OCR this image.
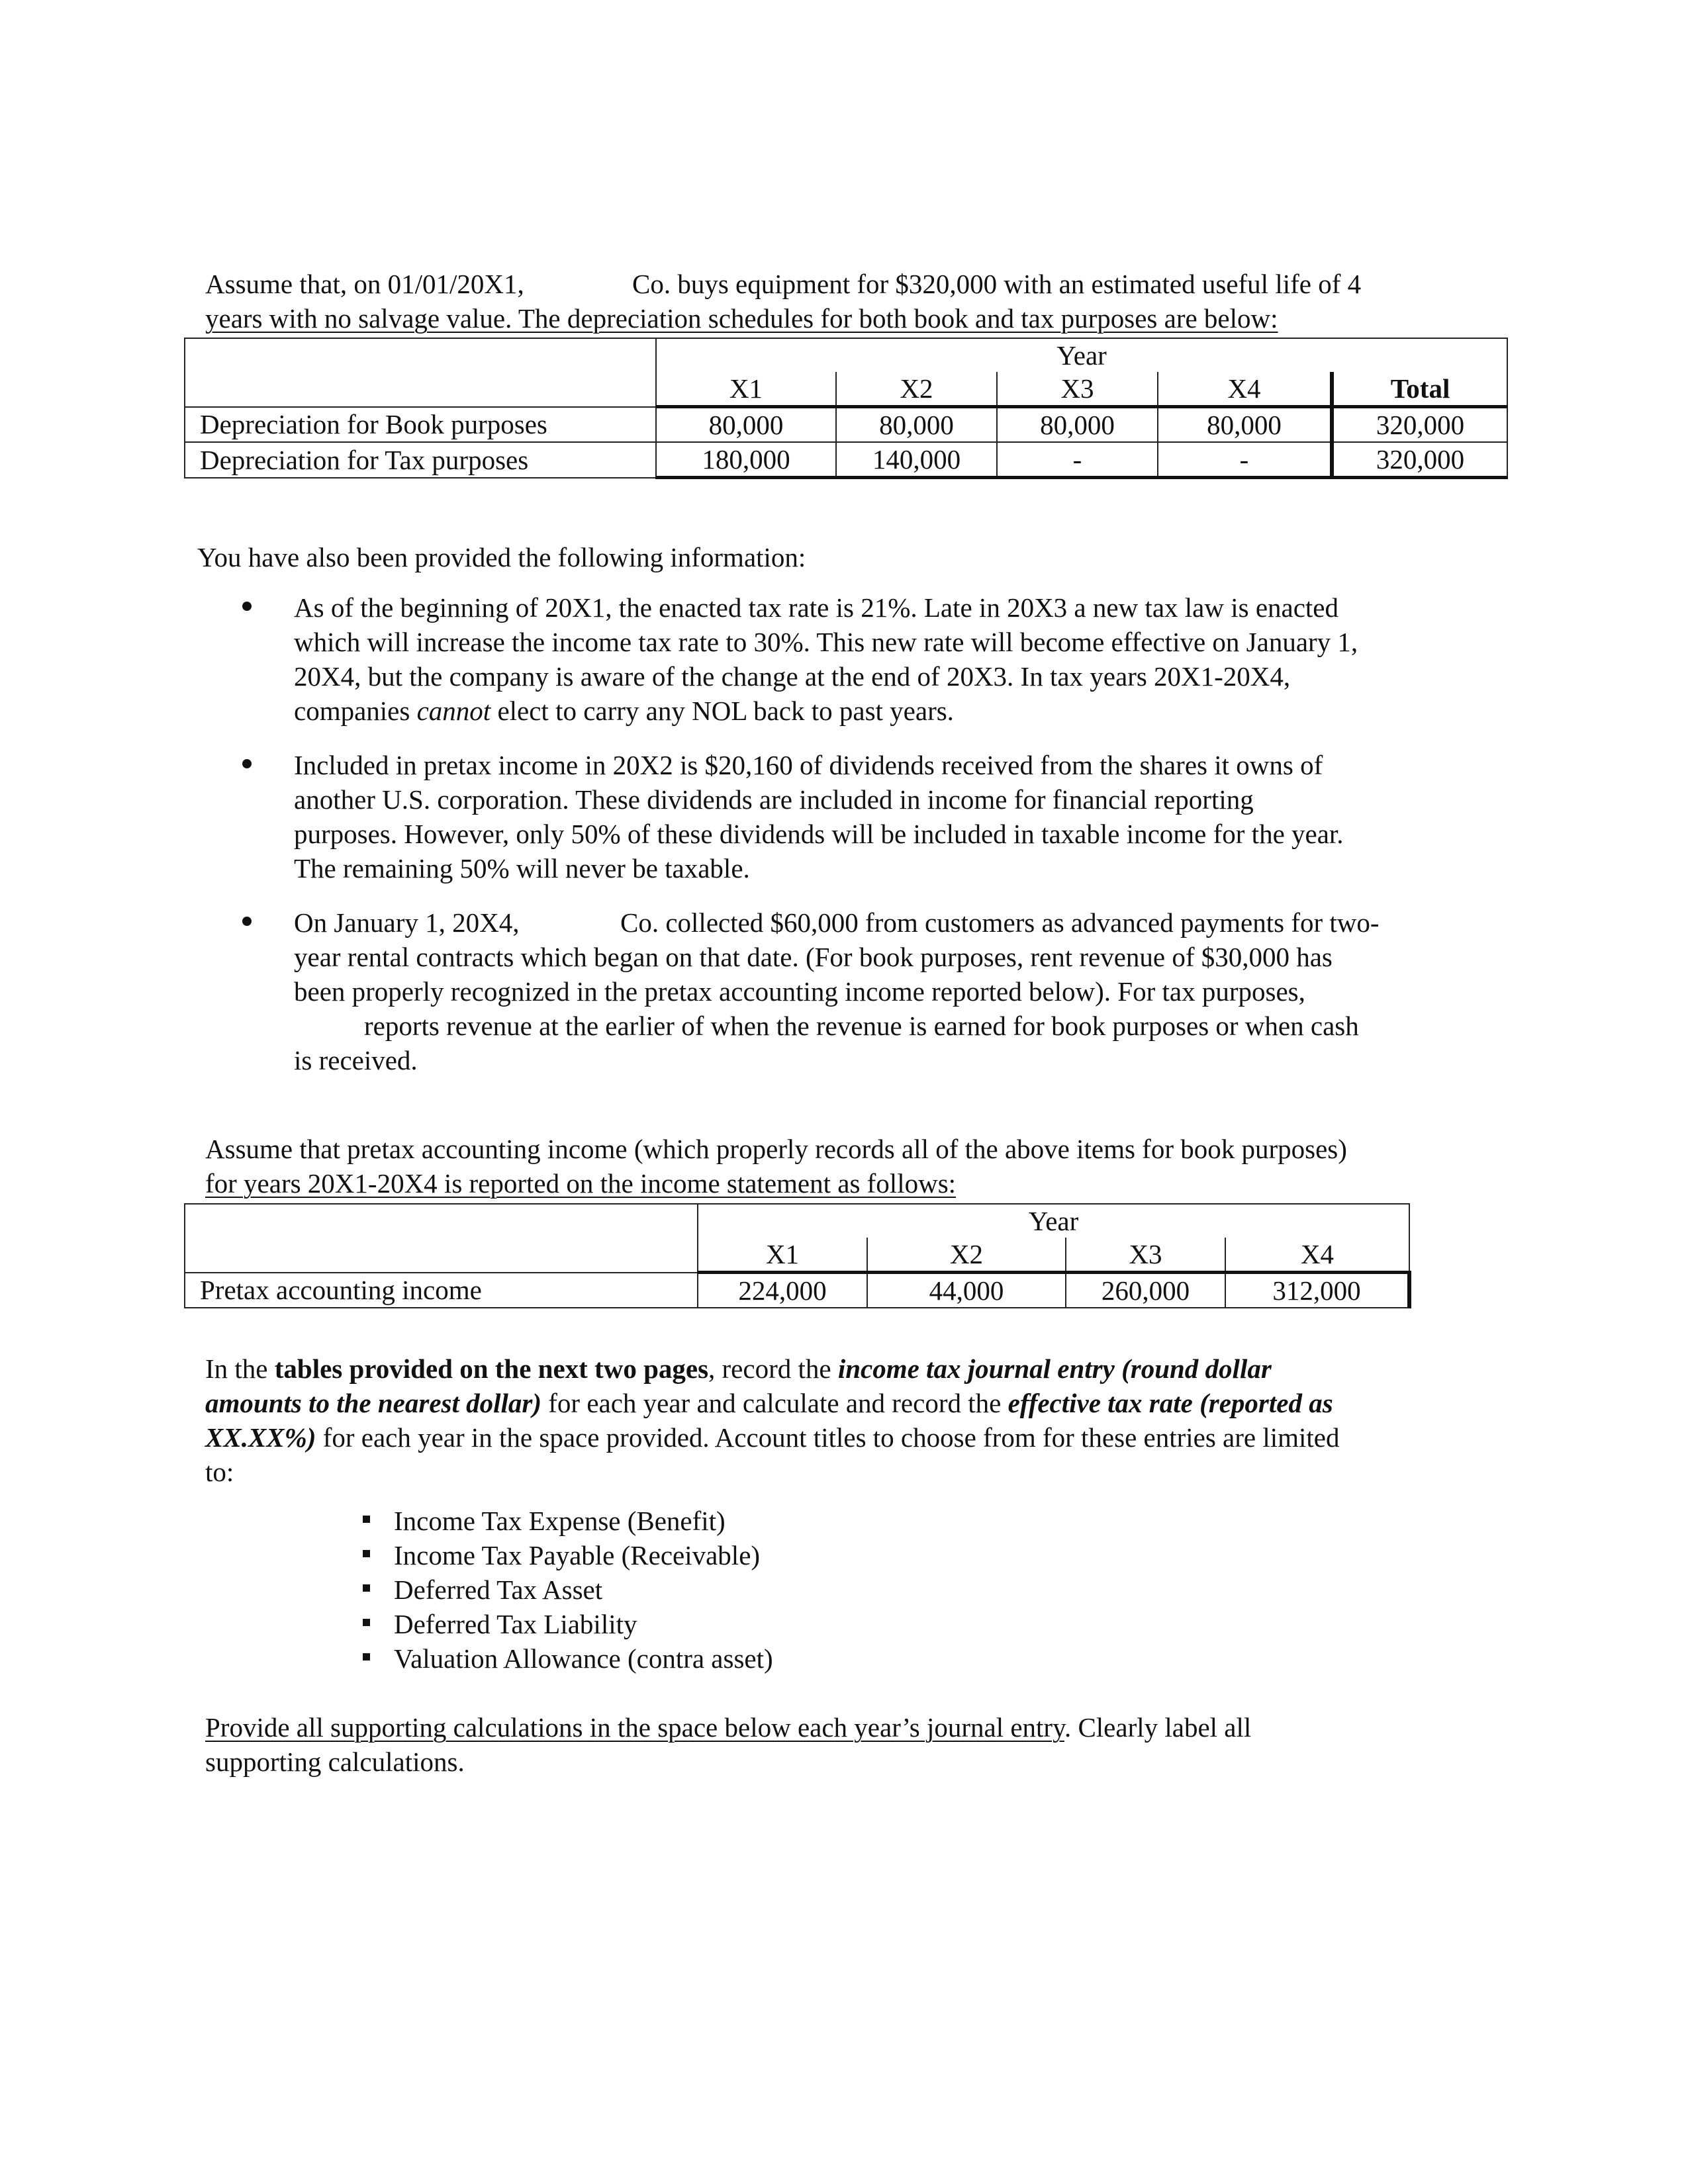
Assume that, on 01/01/20X1,	Co. buys equipment for $320,000 with an estimated useful life of 4
years with no salvage value. The depreciation schedules for both book and tax purposes are below:
	Year				
	X1	X2	X3	X4	Total
Depreciation for Book purposes	80,000	80,000	80,000	80,000	320,000
Depreciation for Tax purposes	180,000	140,000	-	-	320,000
You have also been provided the following information:
As of the beginning of 20X1, the enacted tax rate is 21%. Late in 20X3 a new tax law is enacted
which will increase the income tax rate to 30%. This new rate will become effective on January 1,
20X4, but the company is aware of the change at the end of 20X3. In tax years 20X1-20X4,
companies cannot elect to carry any NOL back to past years.
Included in pretax income in 20X2 is $20,160 of dividends received from the shares it owns of
another U.S. corporation. These dividends are included in income for financial reporting
purposes. However, only 50% of these dividends will be included in taxable income for the year.
The remaining 50% will never be taxable.
On January 1, 20X4,	Co. collected $60,000 from customers as advanced payments for two-
year rental contracts which began on that date. (For book purposes, rent revenue of $30,000 has
been properly recognized in the pretax accounting income reported below). For tax purposes,
reports revenue at the earlier of when the revenue is earned for book purposes or when cash
is received.
Assume that pretax accounting income (which properly records all of the above items for book purposes)
for years 20X1-20X4 is reported on the income statement as follows:
	Year			
	X1	X2	X3	X4
Pretax accounting income	224,000	44,000	260,000	312,000
In the tables provided on the next two pages, record the income tax journal entry (round dollar
amounts to the nearest dollar) for each year and calculate and record the effective tax rate (reported as
XX.XX%) for each year in the space provided. Account titles to choose from for these entries are limited
to:
Income Tax Expense (Benefit)
Income Tax Payable (Receivable)
Deferred Tax Asset
Deferred Tax Liability
Valuation Allowance (contra asset)
Provide all supporting calculations in the space below each year’s journal entry. Clearly label all
supporting calculations.
